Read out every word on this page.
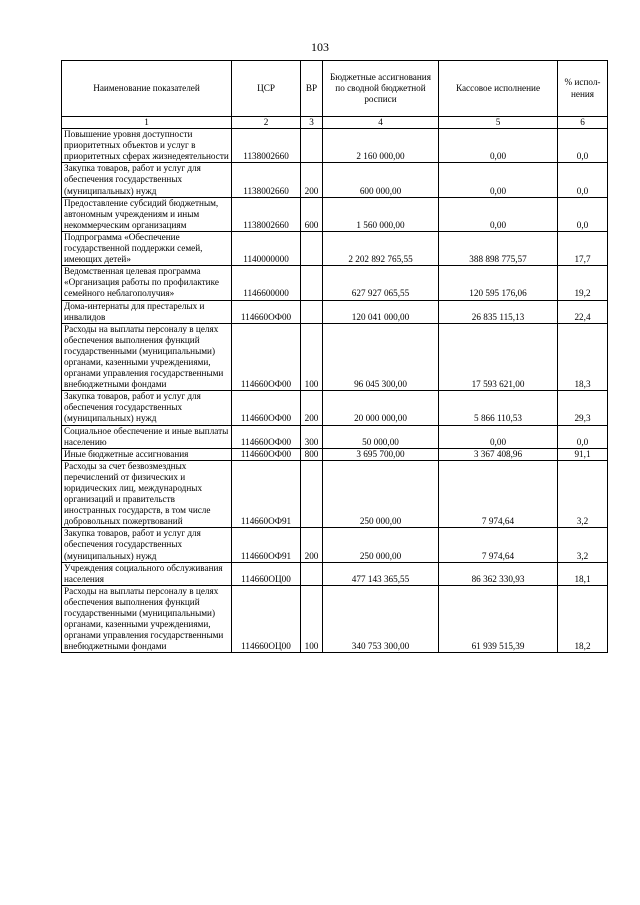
103
Наименование показателей	ЦСР	ВР	Бюджетные ассигнования по сводной бюджетной росписи	Кассовое исполнение	% испол-нения
1	2	3	4	5	6
Повышение уровня доступности приоритетных объектов и услуг в приоритетных сферах жизнедеятельности	1138002660		2 160 000,00	0,00	0,0
Закупка товаров, работ и услуг для обеспечения государственных (муниципальных) нужд	1138002660	200	600 000,00	0,00	0,0
Предоставление субсидий бюджетным, автономным учреждениям и иным некоммерческим организациям	1138002660	600	1 560 000,00	0,00	0,0
Подпрограмма «Обеспечение государственной поддержки семей, имеющих детей»	1140000000		2 202 892 765,55	388 898 775,57	17,7
Ведомственная целевая программа «Организация работы по профилактике семейного неблагополучия»	1146600000		627 927 065,55	120 595 176,06	19,2
Дома-интернаты для престарелых и инвалидов	114660OФ00		120 041 000,00	26 835 115,13	22,4
Расходы на выплаты персоналу в целях обеспечения выполнения функций государственными (муниципальными) органами, казенными учреждениями, органами управления государственными внебюджетными фондами	114660OФ00	100	96 045 300,00	17 593 621,00	18,3
Закупка товаров, работ и услуг для обеспечения государственных (муниципальных) нужд	114660OФ00	200	20 000 000,00	5 866 110,53	29,3
Социальное обеспечение и иные выплаты населению	114660OФ00	300	50 000,00	0,00	0,0
Иные бюджетные ассигнования	114660OФ00	800	3 695 700,00	3 367 408,96	91,1
Расходы за счет безвозмездных перечислений от физических и юридических лиц, международных организаций и правительств иностранных государств, в том числе добровольных пожертвований	114660OФ91		250 000,00	7 974,64	3,2
Закупка товаров, работ и услуг для обеспечения государственных (муниципальных) нужд	114660OФ91	200	250 000,00	7 974,64	3,2
Учреждения социального обслуживания населения	114660OЦ00		477 143 365,55	86 362 330,93	18,1
Расходы на выплаты персоналу в целях обеспечения выполнения функций государственными (муниципальными) органами, казенными учреждениями, органами управления государственными внебюджетными фондами	114660OЦ00	100	340 753 300,00	61 939 515,39	18,2
